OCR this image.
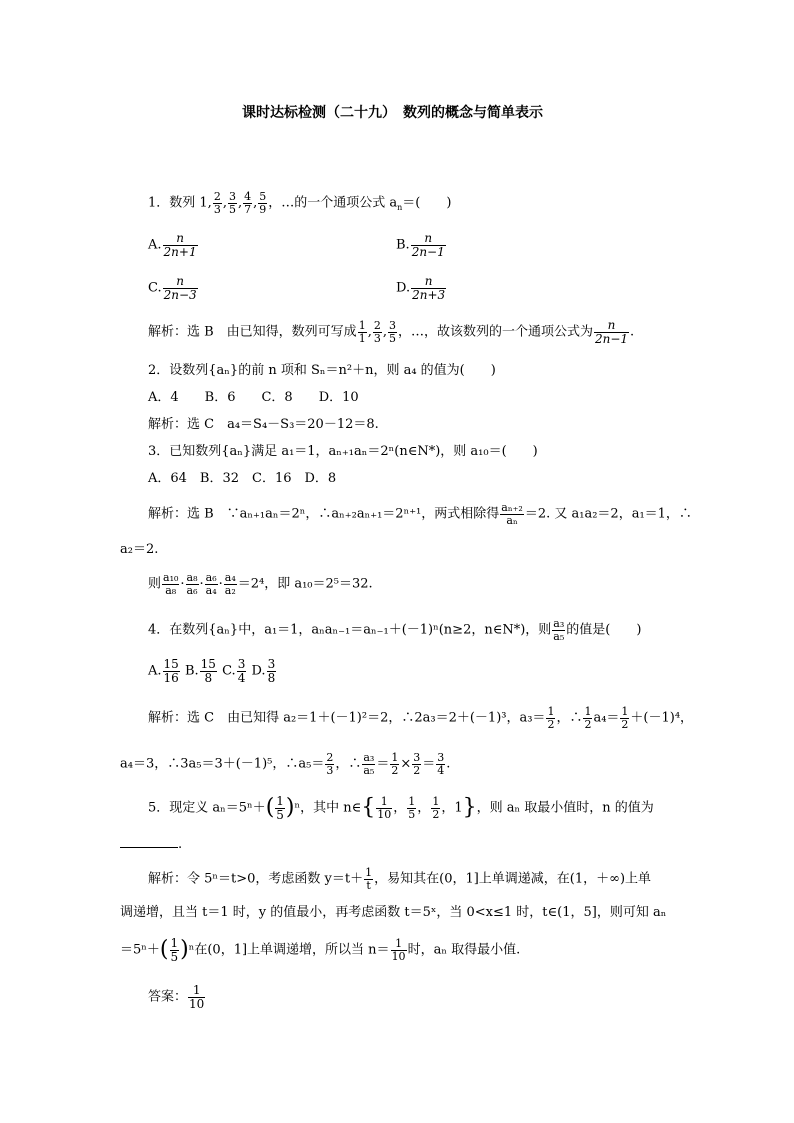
课时达标检测（二十九）　数列的概念与简单表示
1．数列 1, $\frac{2}{3}$ , $\frac{3}{5}$ , $\frac{4}{7}$ , $\frac{5}{9}$ ，…的一个通项公式 $a_n=$(　　)
A. $\frac{n}{2n+1}$	B. $\frac{n}{2n-1}$
C. $\frac{n}{2n-3}$	D. $\frac{n}{2n+3}$
解析：选 B　由已知得，数列可写成 $\frac{1}{1}$ , $\frac{2}{3}$ , $\frac{3}{5}$ ，…，故该数列的一个通项公式为 $\frac{n}{2n-1}$ .
2．设数列{aₙ}的前 n 项和 Sₙ＝n²＋n，则 a₄ 的值为(　　)
A．4　　B．6　　C．8　　D．10
解析：选 C　a₄＝S₄－S₃＝20－12＝8.
3．已知数列{aₙ}满足 a₁＝1，aₙ₊₁aₙ＝2ⁿ(n∈N*)，则 a₁₀＝(　　)
A．64　B．32　C．16　D．8
解析：选 B　∵aₙ₊₁aₙ＝2ⁿ，∴aₙ₊₂aₙ₊₁＝2ⁿ⁺¹，两式相除得 $\frac{\text{aₙ₊₂}}{\text{aₙ}} =2$. 又 a₁a₂＝2，a₁＝1，∴
a₂＝2.
则 $\frac{\text{a₁₀}}{\text{a₈}} \cdot \frac{\text{a₈}}{\text{a₆}} \cdot \frac{\text{a₆}}{\text{a₄}} \cdot \frac{\text{a₄}}{\text{a₂}} =2^4$，即 a₁₀＝2⁵＝32.
4．在数列{aₙ}中，a₁＝1，aₙaₙ₋₁＝aₙ₋₁＋(－1)ⁿ(n≥2，n∈N*)，则 $\frac{\text{a₃}}{\text{a₅}}$ 的值是(　　)
A. $\frac{15}{16} B$. $\frac{15}{8} C$. $\frac{3}{4} D$. $\frac{3}{8}$
解析：选 C　由已知得 a₂＝1＋(－1)²＝2，∴2a₃＝2＋(－1)³，$a_3= \frac{1}{2}$ ，∴ $\frac{1}{2} a_4= \frac{1}{2} +(-1)^4$，
a₄＝3，∴3a₅＝3＋(－1)⁵，∴a₅＝ $\frac{2}{3}$ ，∴ $\frac{\text{a₃}}{\text{a₅}} = \frac{1}{2} \times \frac{3}{2} = \frac{3}{4}$ .
5．现定义 $a_n=5^n+( \frac{1}{5} )^n$，其中 n∈{ $\frac{1}{10}$ ， $\frac{1}{5}$ ， $\frac{1}{2}$ ，1}，则 aₙ 取最小值时，n 的值为
.
解析：令 5ⁿ＝t>0，考虑函数 $y=t+ \frac{1}{t}$ ，易知其在(0，1]上单调递减，在(1，＋∞)上单
调递增，且当 t＝1 时，y 的值最小，再考虑函数 t＝5ˣ，当 0<x≤1 时，t∈(1，5]，则可知 aₙ
$=5^n+( \frac{1}{5} )^n$在(0，1]上单调递增，所以当 $n= \frac{1}{10}$ 时，aₙ 取得最小值.
答案： $\frac{1}{10}$
